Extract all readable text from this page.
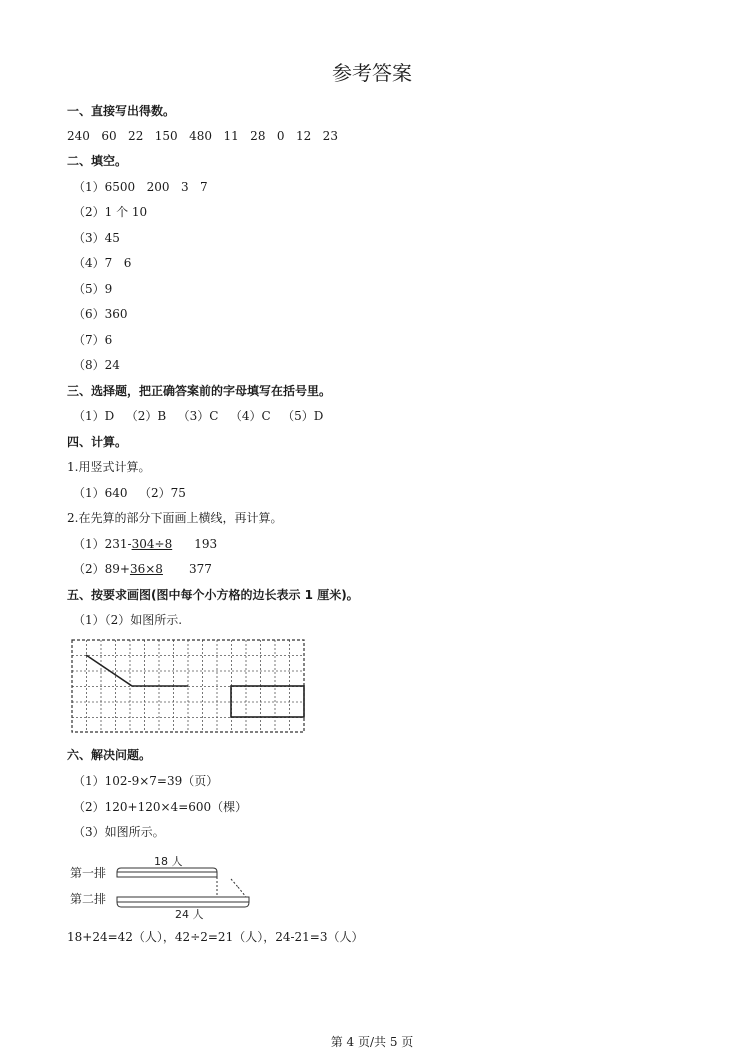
参考答案
一、直接写出得数。
240   60   22   150   480   11   28   0   12   23
二、填空。
（1）6500   200   3   7
（2）1 个 10
（3）45
（4）7   6
（5）9
（6）360
（7）6
（8）24
三、选择题，把正确答案前的字母填写在括号里。
（1）D   （2）B   （3）C   （4）C   （5）D
四、计算。
1.用竖式计算。
（1）640   （2）75
2.在先算的部分下面画上横线，再计算。
（1）231-304÷8 193
（2）89+36×8 377
五、按要求画图(图中每个小方格的边长表示 1 厘米)。
（1）（2）如图所示.
六、解决问题。
（1）102-9×7=39（页）
（2）120+120×4=600（棵）
（3）如图所示。
第一排
第二排
18 人
24 人
18+24=42（人），42÷2=21（人），24-21=3（人）
第 4 页/共 5 页
